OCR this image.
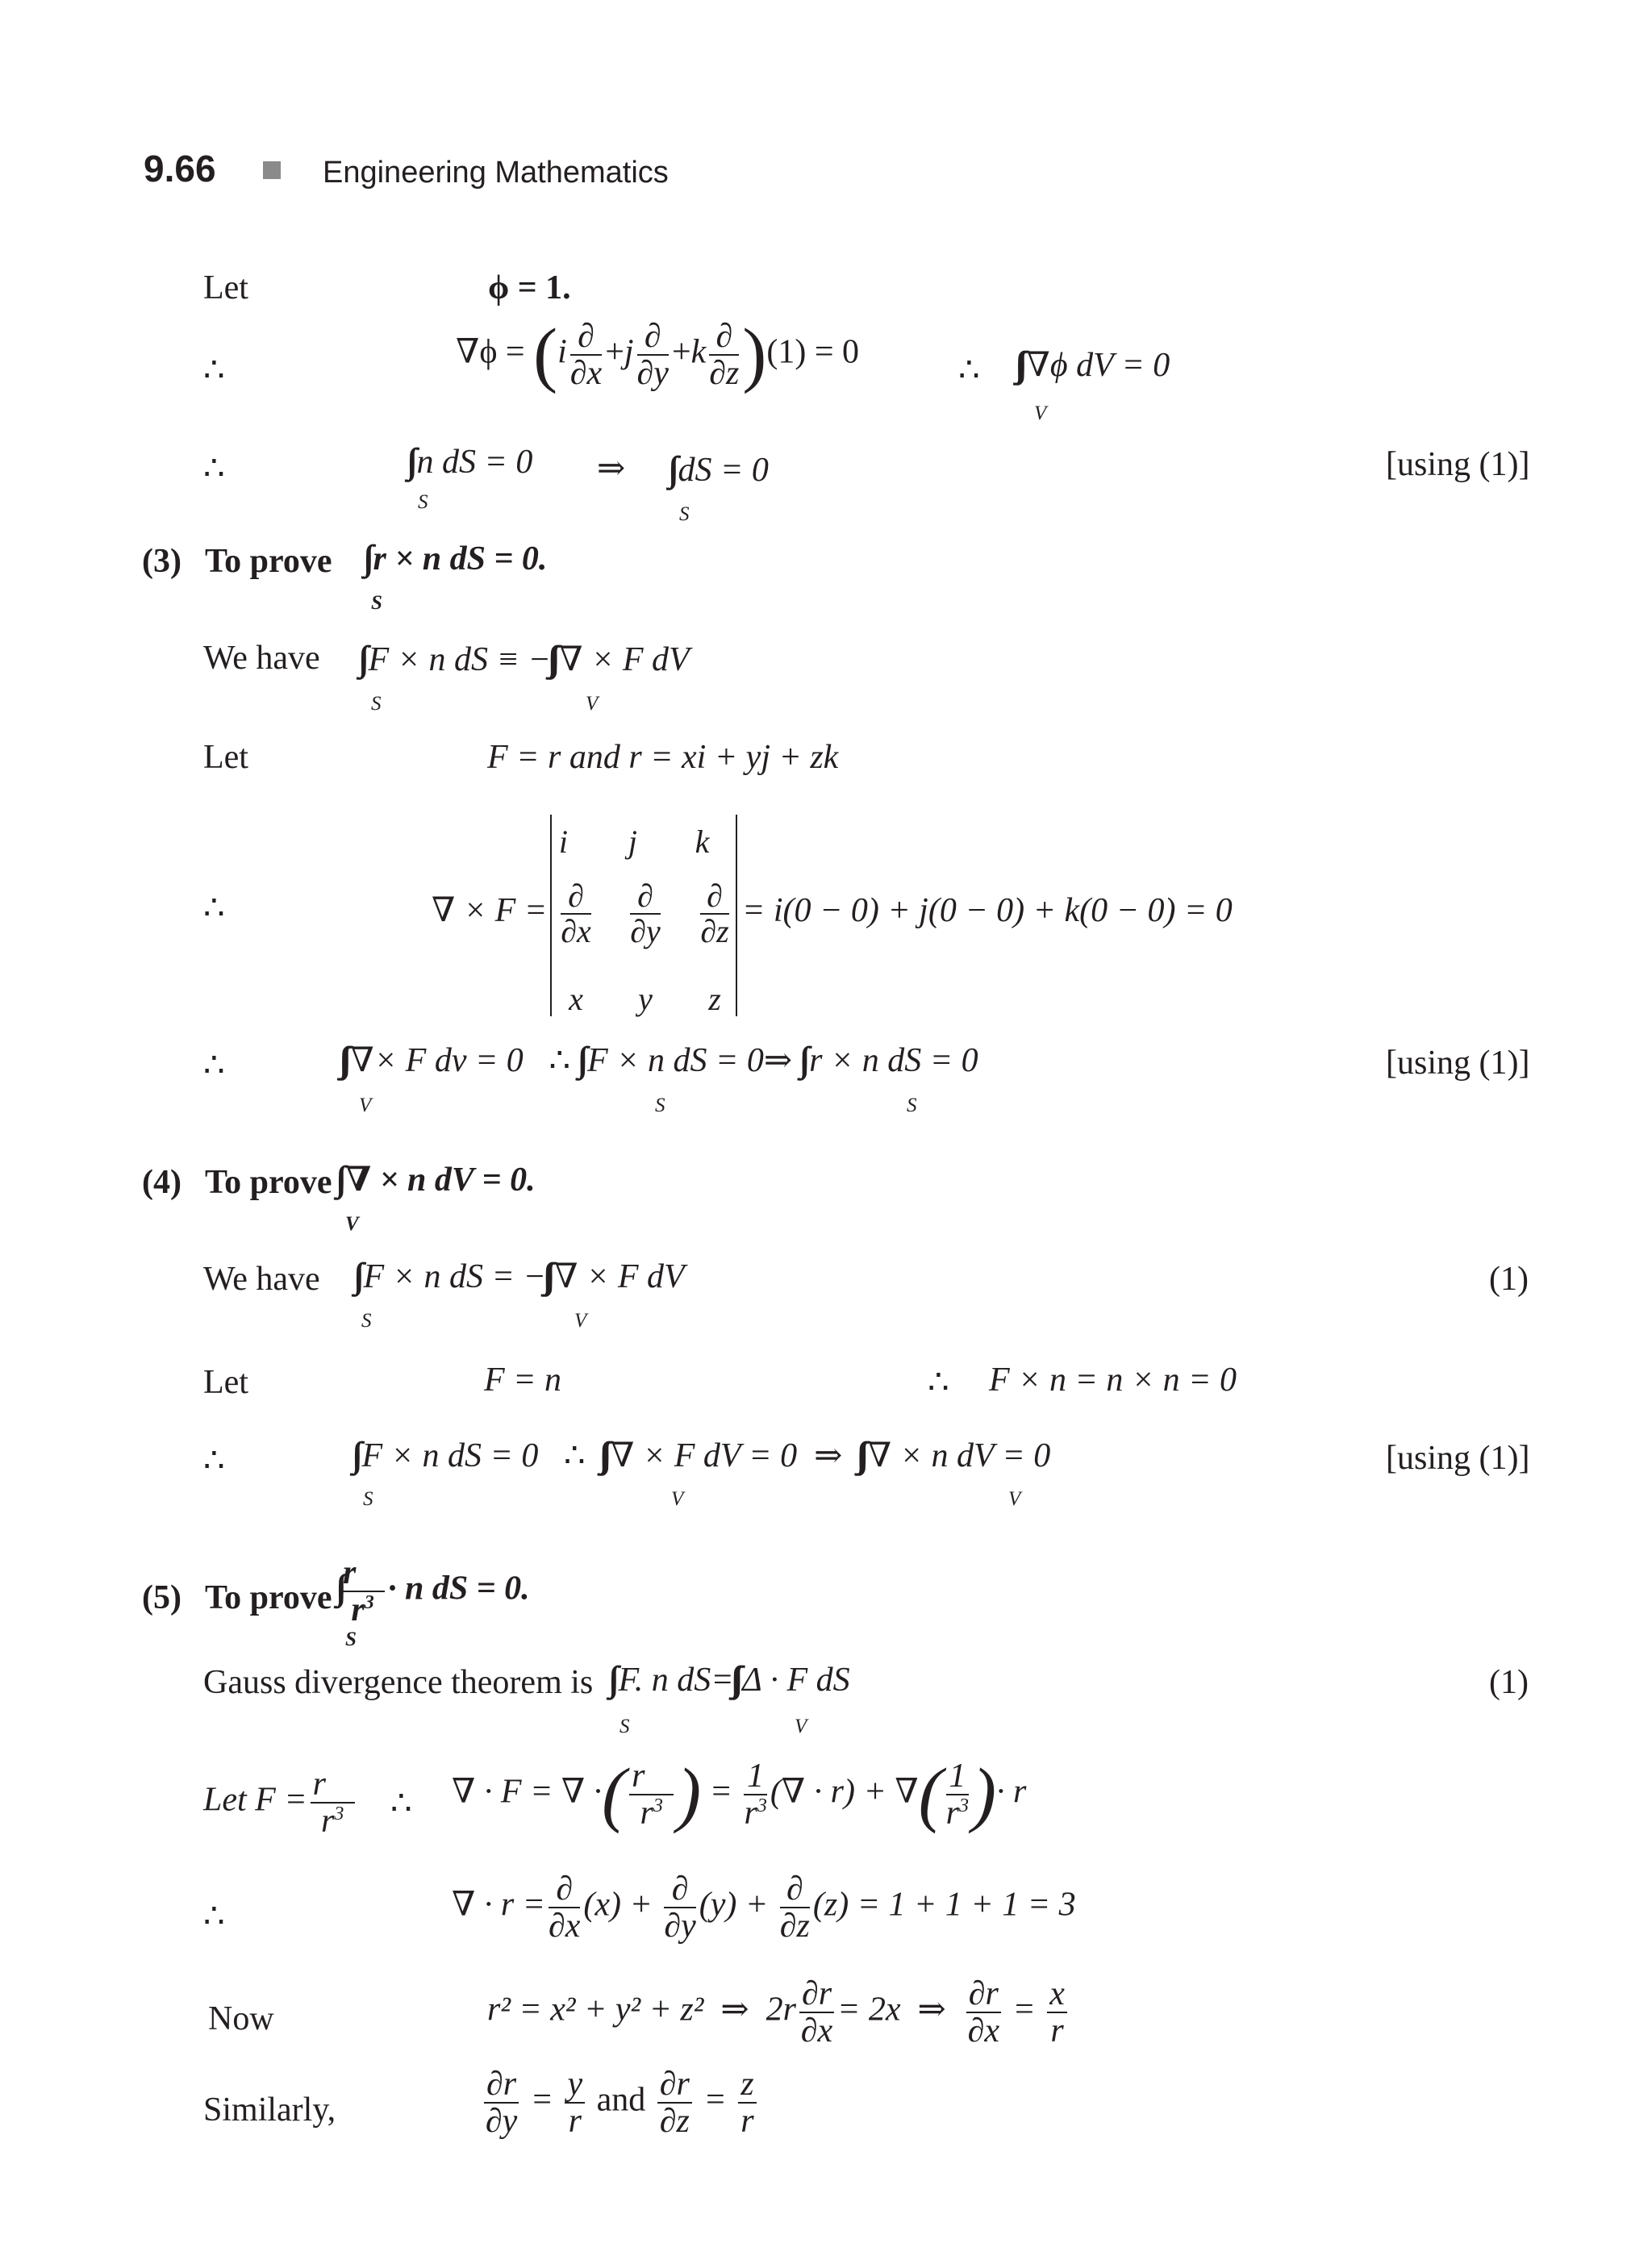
9.66	Engineering Mathematics
Let	ϕ = 1.
∴	∇ϕ = (i ∂
∂x
+j ∂
∂y
+k ∂
∂z )(1) = 0	∴ ∇ϕ dV = 0
V
∴	n dS = 0
S
⇒ dS = 0
S
[using (1)]
(3) To prove r × n dS = 0.
S
We have F × n dS ≡ − ∇ × F dV
S	V
Let	F = r and r = xi + yj + zk
∴	∇ × F =
i⃗ j⃗ k⃗
∂
∂x
∂
∂y
∂
∂z
x	y	z
= i(0 − 0) + j(0 − 0) + k(0 − 0) = 0
∴	∇× F dv = 0 ∴ F × n dS = 0⇒ r × n dS = 0
V	S	S
[using (1)]
(4) To prove ∇ × n dV = 0.
V
We have F × n dS = − ∇ × F dV
S	V
(1)
Let	F = n	∴ F × n = n × n = 0
∴	F × n dS = 0 ∴ ∇ × F dV = 0 ⇒ ∇ × n dV = 0
S	V	V
[using (1)]
(5) To prove $\frac{r⃗}{r^3} \cdot n$ dS = 0.
S
Gauss divergence theorem is F. n dS= Δ · F dS
S	V
(1)
Let $F = \frac{r⃗}{r^3}$ ∴ ∇ · F = ∇ ·( $\frac{r⃗}{r^3}$ ) = $\frac{1}{r^3}$ (∇ · r) + ∇( $\frac{1}{r^3}$ )· r
∴	∇ · r = ∂
∂x
(x) + ∂
∂y
(y) + ∂
∂z
(z) = 1 + 1 + 1 = 3
Now	r² = x² + y² + z² ⇒  $2r \frac{\partial r}{\partial x} = 2x$ ⇒ $\frac{\partial r}{\partial x} = \frac{x}{r}$
Similarly,	$\frac{\partial r}{\partial y} = \frac{y}{r}$ and $\frac{\partial r}{\partial z} = \frac{z}{r}$
